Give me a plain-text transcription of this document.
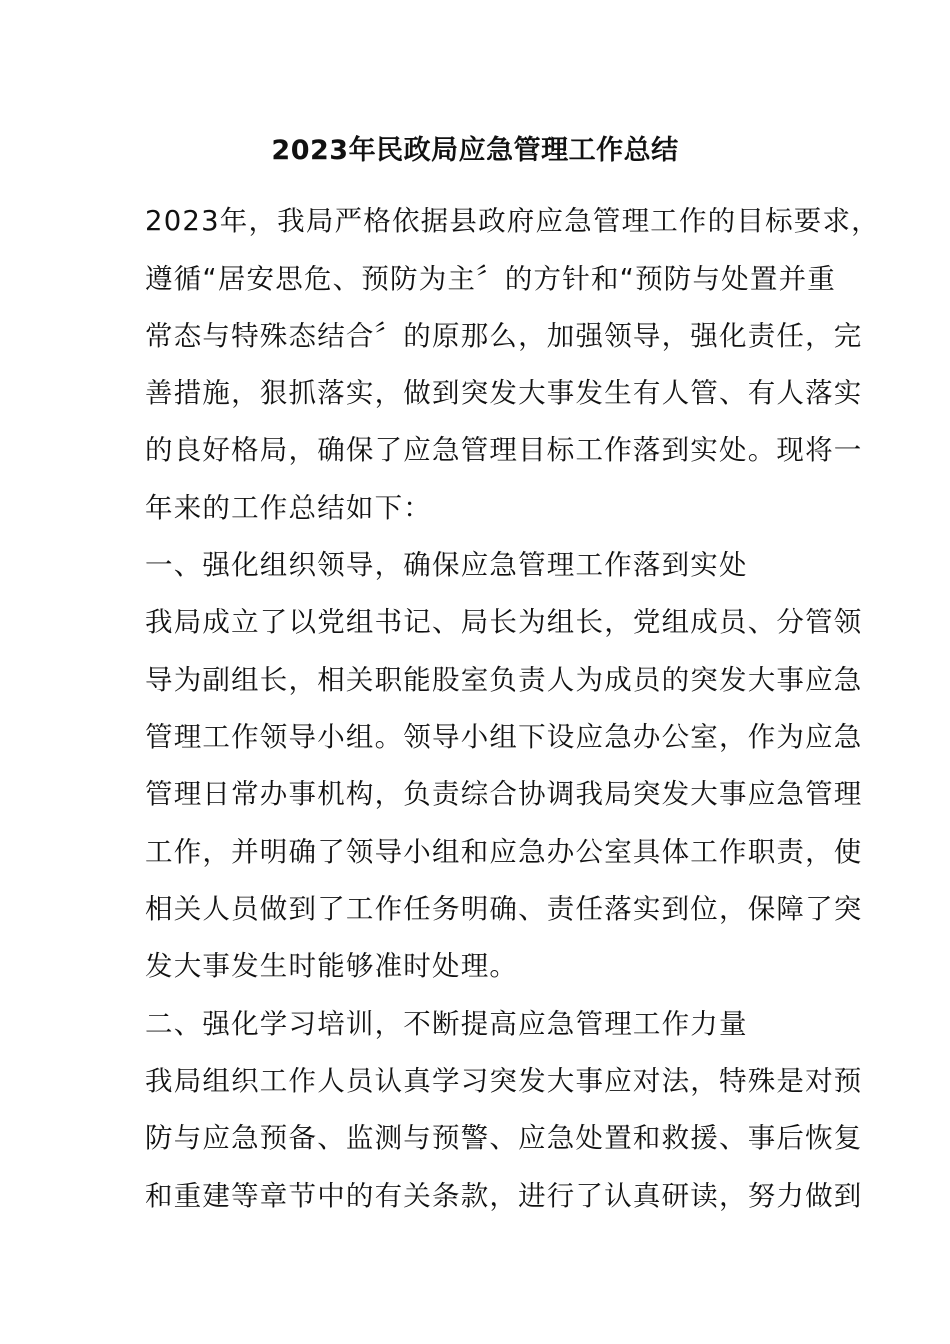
2023年民政局应急管理工作总结
2023年，我局严格依据县政府应急管理工作的目标要求，
遵循“居安思危、预防为主〞的方针和“预防与处置并重
常态与特殊态结合〞的原那么，加强领导，强化责任，完
善措施，狠抓落实，做到突发大事发生有人管、有人落实
的良好格局，确保了应急管理目标工作落到实处。现将一
年来的工作总结如下：
一、强化组织领导，确保应急管理工作落到实处
我局成立了以党组书记、局长为组长，党组成员、分管领
导为副组长，相关职能股室负责人为成员的突发大事应急
管理工作领导小组。领导小组下设应急办公室，作为应急
管理日常办事机构，负责综合协调我局突发大事应急管理
工作，并明确了领导小组和应急办公室具体工作职责，使
相关人员做到了工作任务明确、责任落实到位，保障了突
发大事发生时能够准时处理。
二、强化学习培训，不断提高应急管理工作力量
我局组织工作人员认真学习突发大事应对法，特殊是对预
防与应急预备、监测与预警、应急处置和救援、事后恢复
和重建等章节中的有关条款，进行了认真研读，努力做到
